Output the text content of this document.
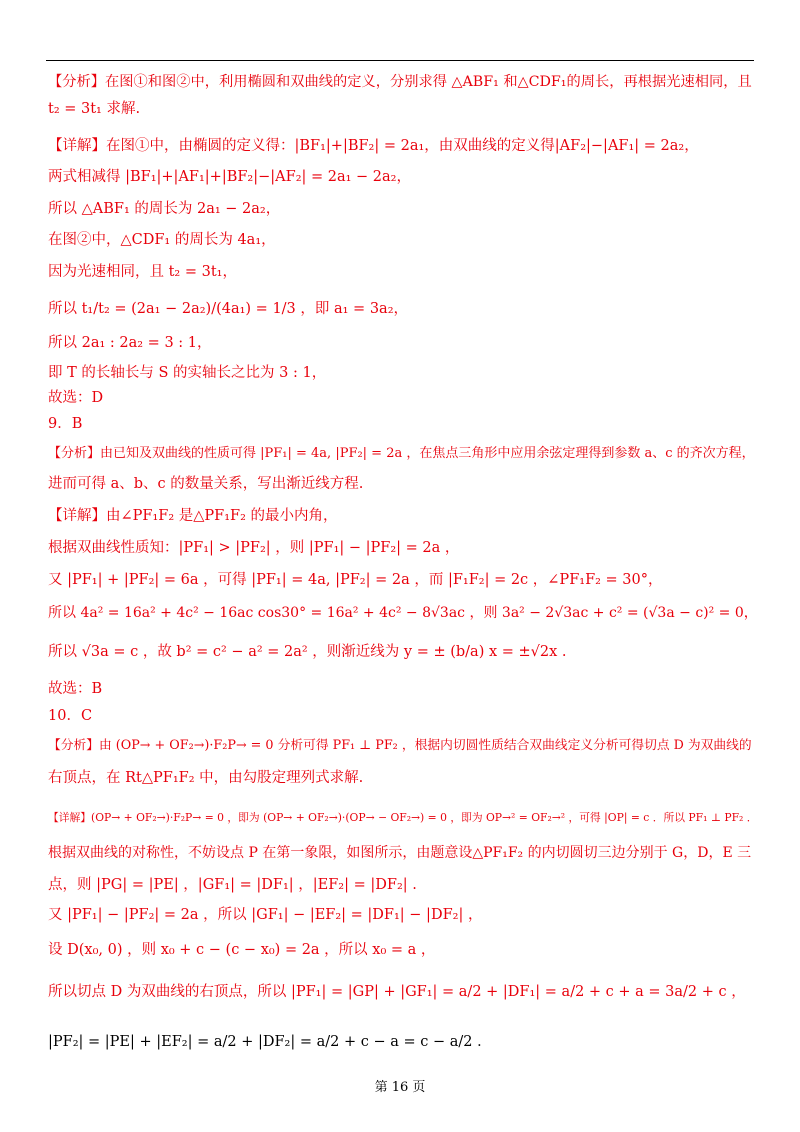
【分析】在图①和图②中，利用椭圆和双曲线的定义，分别求得 △ABF₁ 和△CDF₁的周长，再根据光速相同，且
t₂ = 3t₁ 求解.
【详解】在图①中，由椭圆的定义得：|BF₁|+|BF₂| = 2a₁，由双曲线的定义得|AF₂|−|AF₁| = 2a₂，
两式相减得 |BF₁|+|AF₁|+|BF₂|−|AF₂| = 2a₁ − 2a₂，
所以 △ABF₁ 的周长为 2a₁ − 2a₂，
在图②中，△CDF₁ 的周长为 4a₁，
因为光速相同，且 t₂ = 3t₁，
所以 t₁/t₂ = (2a₁ − 2a₂)/(4a₁) = 1/3 ，即 a₁ = 3a₂，
所以 2a₁ : 2a₂ = 3 : 1，
即 T 的长轴长与 S 的实轴长之比为 3 : 1，
故选：D
9．B
【分析】由已知及双曲线的性质可得 |PF₁| = 4a, |PF₂| = 2a ，在焦点三角形中应用余弦定理得到参数 a、c 的齐次方程，
进而可得 a、b、c 的数量关系，写出渐近线方程.
【详解】由∠PF₁F₂ 是△PF₁F₂ 的最小内角，
根据双曲线性质知：|PF₁| > |PF₂| ，则 |PF₁| − |PF₂| = 2a ，
又 |PF₁| + |PF₂| = 6a ，可得 |PF₁| = 4a, |PF₂| = 2a ，而 |F₁F₂| = 2c ，∠PF₁F₂ = 30°，
所以 4a² = 16a² + 4c² − 16ac cos30° = 16a² + 4c² − 8√3ac ，则 3a² − 2√3ac + c² = (√3a − c)² = 0，
所以 √3a = c ，故 b² = c² − a² = 2a² ，则渐近线为 y = ± (b/a) x = ±√2x .
故选：B
10．C
【分析】由 (OP→ + OF₂→)·F₂P→ = 0 分析可得 PF₁ ⊥ PF₂ ，根据内切圆性质结合双曲线定义分析可得切点 D 为双曲线的
右顶点，在 Rt△PF₁F₂ 中，由勾股定理列式求解.
【详解】(OP→ + OF₂→)·F₂P→ = 0 ，即为 (OP→ + OF₂→)·(OP→ − OF₂→) = 0 ，即为 OP→² = OF₂→² ，可得 |OP| = c ．所以 PF₁ ⊥ PF₂ ．
根据双曲线的对称性，不妨设点 P 在第一象限，如图所示，由题意设△PF₁F₂ 的内切圆切三边分别于 G，D，E 三
点，则 |PG| = |PE| ，|GF₁| = |DF₁| ，|EF₂| = |DF₂| .
又 |PF₁| − |PF₂| = 2a ，所以 |GF₁| − |EF₂| = |DF₁| − |DF₂| ，
设 D(x₀, 0) ，则 x₀ + c − (c − x₀) = 2a ，所以 x₀ = a ，
所以切点 D 为双曲线的右顶点，所以 |PF₁| = |GP| + |GF₁| = a/2 + |DF₁| = a/2 + c + a = 3a/2 + c ，
|PF₂| = |PE| + |EF₂| = a/2 + |DF₂| = a/2 + c − a = c − a/2 ．
第 16 页
